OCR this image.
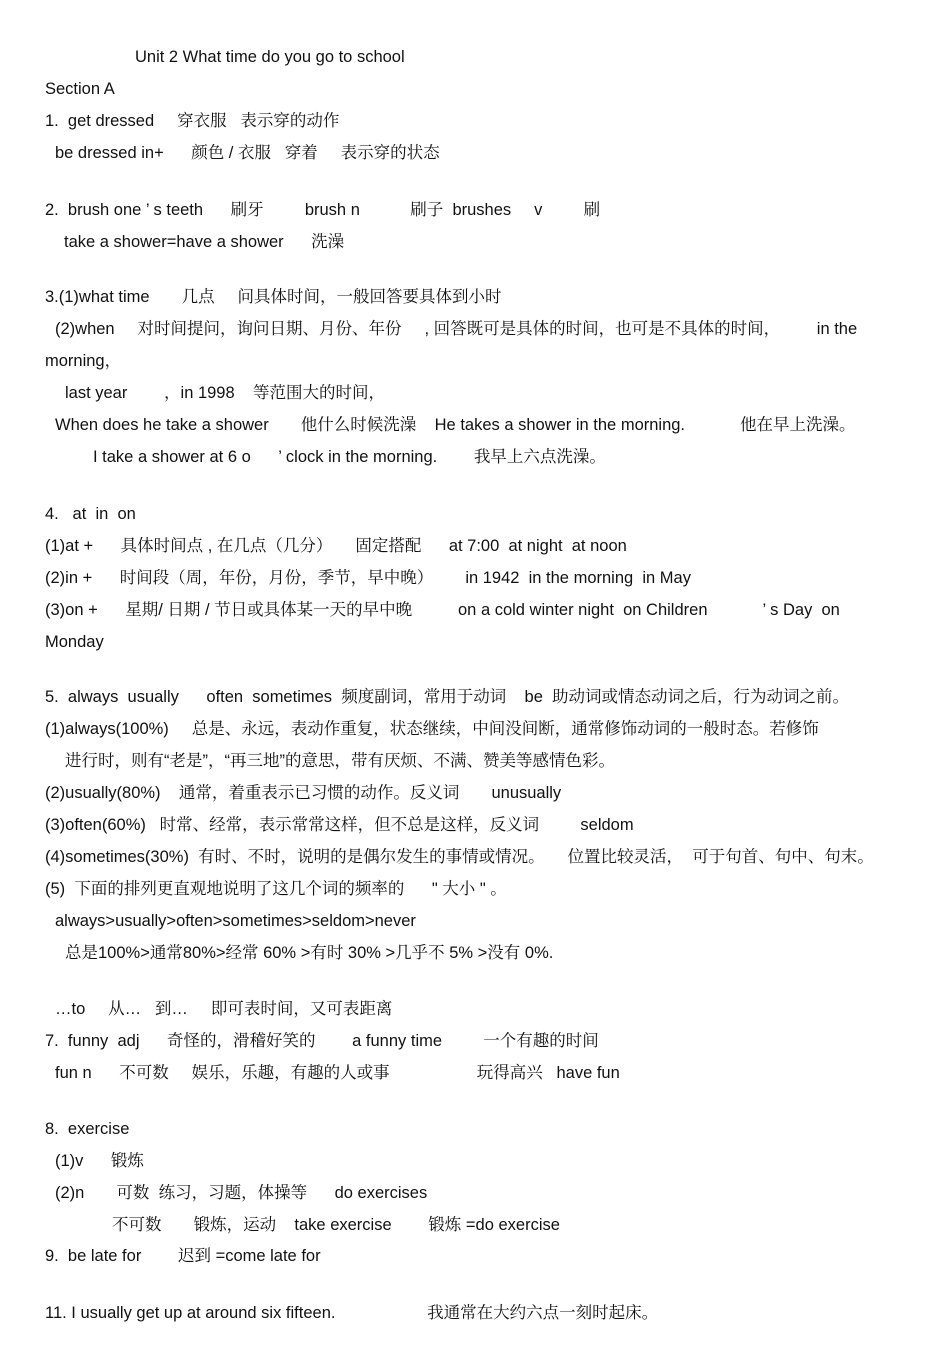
Unit 2 What time do you go to school
Section A
1.  get dressed     穿衣服   表示穿的动作
be dressed in+      颜色 / 衣服   穿着     表示穿的状态
2.  brush one ’ s teeth      刷牙         brush n           刷子  brushes     v         刷
take a shower=have a shower      洗澡
3.(1)what time       几点     问具体时间，一般回答要具体到小时
(2)when     对时间提问，询问日期、月份、年份     , 回答既可是具体的时间，也可是不具体的时间，        in the
morning，
last year        ，in 1998    等范围大的时间，
When does he take a shower       他什么时候洗澡    He takes a shower in the morning.            他在早上洗澡。
I take a shower at 6 o      ’ clock in the morning.        我早上六点洗澡。
4.   at  in  on
(1)at +      具体时间点 , 在几点（几分）     固定搭配      at 7:00  at night  at noon
(2)in +      时间段（周，年份，月份，季节，早中晚）       in 1942  in the morning  in May
(3)on +      星期/ 日期 / 节日或具体某一天的早中晚          on a cold winter night  on Children            ’ s Day  on
Monday
5.  always  usually      often  sometimes  频度副词，常用于动词    be  助动词或情态动词之后，行为动词之前。
(1)always(100%)     总是、永远，表动作重复，状态继续，中间没间断，通常修饰动词的一般时态。若修饰
进行时，则有“老是”，“再三地”的意思，带有厌烦、不满、赞美等感情色彩。
(2)usually(80%)    通常，着重表示已习惯的动作。反义词       unusually
(3)often(60%)   时常、经常，表示常常这样，但不总是这样，反义词         seldom
(4)sometimes(30%)  有时、不时，说明的是偶尔发生的事情或情况。     位置比较灵活，  可于句首、句中、句末。
(5)  下面的排列更直观地说明了这几个词的频率的      " 大小 " 。
always>usually>often>sometimes>seldom>never
总是100%>通常80%>经常 60% >有时 30% >几乎不 5% >没有 0%.
…to     从…   到…     即可表时间，又可表距离
7.  funny  adj      奇怪的，滑稽好笑的        a funny time         一个有趣的时间
fun n      不可数     娱乐，乐趣，有趣的人或事                   玩得高兴   have fun
8.  exercise
(1)v      锻炼
(2)n       可数  练习，习题，体操等      do exercises
不可数       锻炼，运动    take exercise        锻炼 =do exercise
9.  be late for        迟到 =come late for
11. I usually get up at around six fifteen.                    我通常在大约六点一刻时起床。
